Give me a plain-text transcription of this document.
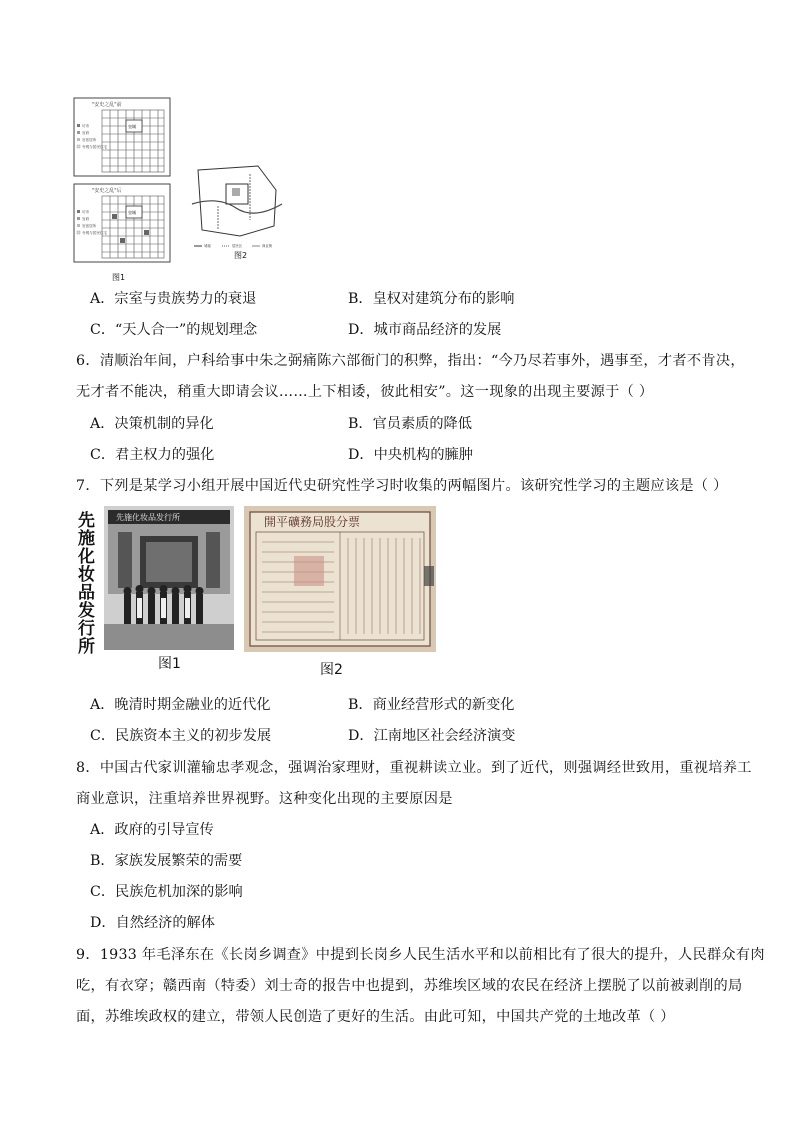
"安史之乱"前
皇城
坊市
官府
官宦居所
寺观与居民住宅
"安史之乱"后
皇城
坊市
官府
官宦居所
寺观与居民住宅
图1
城墙	居民区	商业街
图2
A．宗室与贵族势力的衰退	B．皇权对建筑分布的影响
C．“天人合一”的规划理念	D．城市商品经济的发展
6．清顺治年间，户科给事中朱之弼痛陈六部衙门的积弊，指出：“今乃尽若事外，遇事至，才者不肯决，
无才者不能决，稍重大即请会议……上下相诿，彼此相安”。这一现象的出现主要源于（ ）
A．决策机制的异化	B．官员素质的降低
C．君主权力的强化	D．中央机构的臃肿
7．下列是某学习小组开展中国近代史研究性学习时收集的两幅图片。该研究性学习的主题应该是（ ）
先施化妆品发行所
先施化妆品发行所
图1
開平礦務局股分票
图2
A．晚清时期金融业的近代化	B．商业经营形式的新变化
C．民族资本主义的初步发展	D．江南地区社会经济演变
8．中国古代家训灌输忠孝观念，强调治家理财，重视耕读立业。到了近代，则强调经世致用，重视培养工
商业意识，注重培养世界视野。这种变化出现的主要原因是
A．政府的引导宣传
B．家族发展繁荣的需要
C．民族危机加深的影响
D．自然经济的解体
9．1933 年毛泽东在《长岗乡调查》中提到长岗乡人民生活水平和以前相比有了很大的提升，人民群众有肉
吃，有衣穿；赣西南（特委）刘士奇的报告中也提到，苏维埃区域的农民在经济上摆脱了以前被剥削的局
面，苏维埃政权的建立，带领人民创造了更好的生活。由此可知，中国共产党的土地改革（ ）
